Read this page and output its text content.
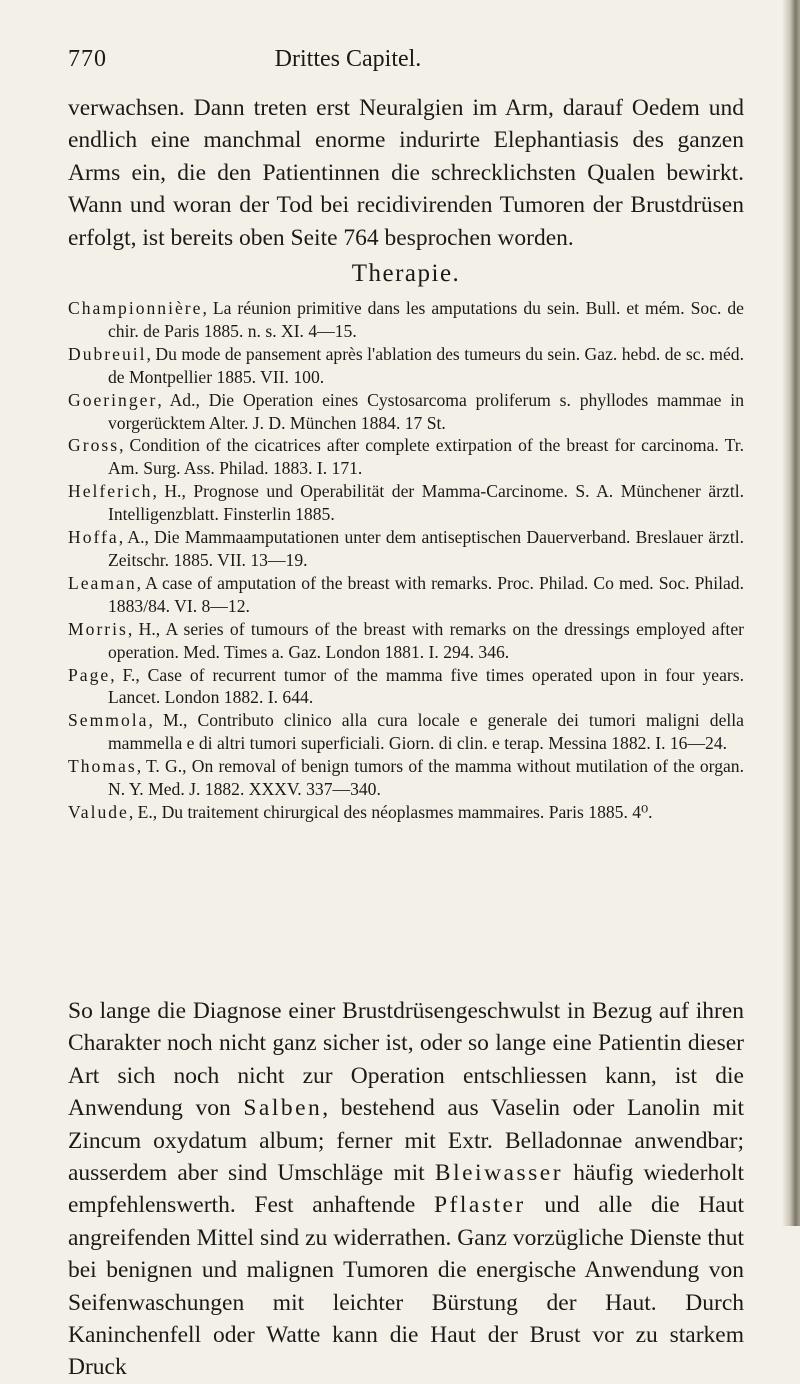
770	Drittes Capitel.

verwachsen. Dann treten erst Neuralgien im Arm, darauf Oedem und endlich eine manchmal enorme indurirte Elephantiasis des ganzen Arms ein, die den Patientinnen die schrecklichsten Qualen bewirkt. Wann und woran der Tod bei recidivirenden Tumoren der Brustdrüsen erfolgt, ist bereits oben Seite 764 besprochen worden.

Therapie.
Championnière, La réunion primitive dans les amputations du sein. Bull. et mém. Soc. de chir. de Paris 1885. n. s. XI. 4—15.
Dubreuil, Du mode de pansement après l'ablation des tumeurs du sein. Gaz. hebd. de sc. méd. de Montpellier 1885. VII. 100.
Goeringer, Ad., Die Operation eines Cystosarcoma proliferum s. phyllodes mammae in vorgerücktem Alter. J. D. München 1884. 17 St.
Gross, Condition of the cicatrices after complete extirpation of the breast for carcinoma. Tr. Am. Surg. Ass. Philad. 1883. I. 171.
Helferich, H., Prognose und Operabilität der Mamma-Carcinome. S. A. Münchener ärztl. Intelligenzblatt. Finsterlin 1885.
Hoffa, A., Die Mammaamputationen unter dem antiseptischen Dauerverband. Breslauer ärztl. Zeitschr. 1885. VII. 13—19.
Leaman, A case of amputation of the breast with remarks. Proc. Philad. Co med. Soc. Philad. 1883/84. VI. 8—12.
Morris, H., A series of tumours of the breast with remarks on the dressings employed after operation. Med. Times a. Gaz. London 1881. I. 294. 346.
Page, F., Case of recurrent tumor of the mamma five times operated upon in four years. Lancet. London 1882. I. 644.
Semmola, M., Contributo clinico alla cura locale e generale dei tumori maligni della mammella e di altri tumori superficiali. Giorn. di clin. e terap. Messina 1882. I. 16—24.
Thomas, T. G., On removal of benign tumors of the mamma without mutilation of the organ. N. Y. Med. J. 1882. XXXV. 337—340.
Valude, E., Du traitement chirurgical des néoplasmes mammaires. Paris 1885. 4⁰.

So lange die Diagnose einer Brustdrüsengeschwulst in Bezug auf ihren Charakter noch nicht ganz sicher ist, oder so lange eine Patientin dieser Art sich noch nicht zur Operation entschliessen kann, ist die Anwendung von Salben, bestehend aus Vaselin oder Lanolin mit Zincum oxydatum album; ferner mit Extr. Belladonnae anwendbar; ausserdem aber sind Umschläge mit Bleiwasser häufig wiederholt empfehlenswerth. Fest anhaftende Pflaster und alle die Haut angreifenden Mittel sind zu widerrathen. Ganz vorzügliche Dienste thut bei benignen und malignen Tumoren die energische Anwendung von Seifenwaschungen mit leichter Bürstung der Haut. Durch Kaninchenfell oder Watte kann die Haut der Brust vor zu starkem Druck
